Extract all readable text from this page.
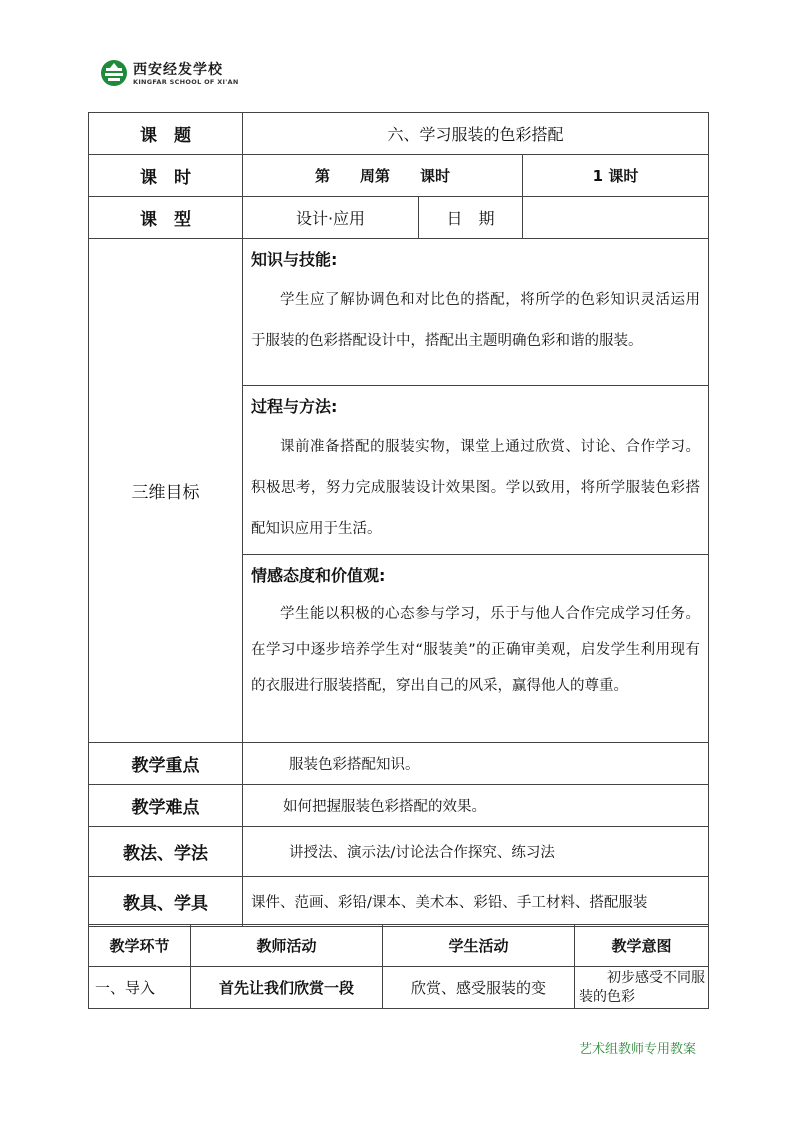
西安经发学校
KINGFAR SCHOOL OF XI'AN
课　题	六、学习服装的色彩搭配		
课　时	第　　周第　　课时		1 课时
课　型	设计·应用	日　期	
三维目标	知识与技能:
学生应了解协调色和对比色的搭配，将所学的色彩知识灵活运用于服装的色彩搭配设计中，搭配出主题明确色彩和谐的服装。		

	过程与方法:
课前准备搭配的服装实物，课堂上通过欣赏、讨论、合作学习。积极思考，努力完成服装设计效果图。学以致用，将所学服装色彩搭配知识应用于生活。		

	情感态度和价值观:
学生能以积极的心态参与学习，乐于与他人合作完成学习任务。在学习中逐步培养学生对“服装美”的正确审美观，启发学生利用现有的衣服进行服装搭配，穿出自己的风采，赢得他人的尊重。		

教学重点	服装色彩搭配知识。		
教学难点	如何把握服装色彩搭配的效果。		
教法、学法	讲授法、演示法/讨论法合作探究、练习法		
教具、学具	课件、范画、彩铅/课本、美术本、彩铅、手工材料、搭配服装		
教学环节	教师活动	学生活动	教学意图
一、导入	首先让我们欣赏一段	欣赏、感受服装的变	初步感受不同服装的色彩
艺术组教师专用教案
